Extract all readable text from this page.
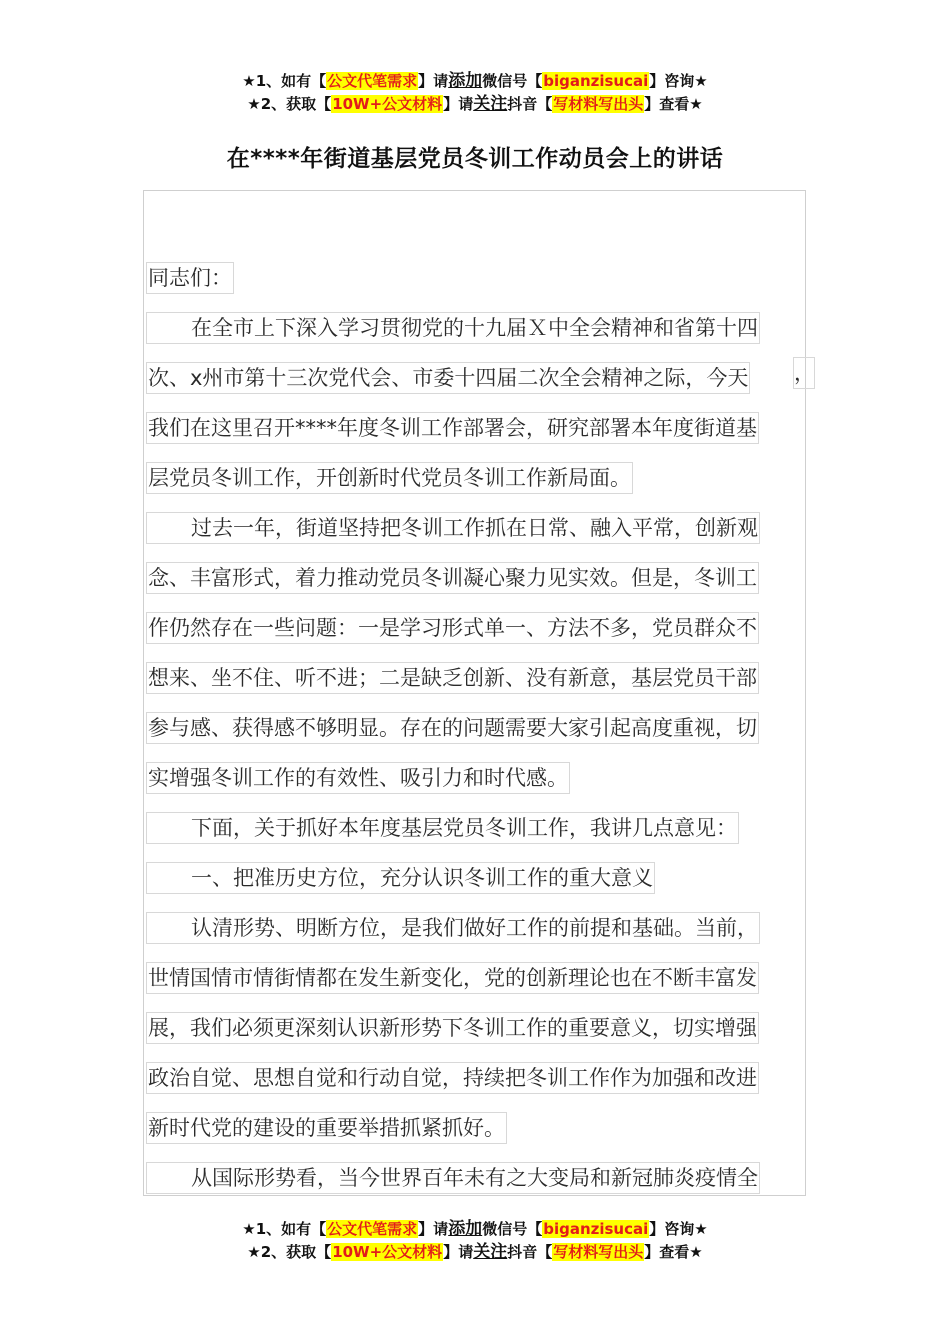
★1、如有【公文代笔需求】请添加微信号【biganzisucai】咨询★
★2、获取【10W+公文材料】请关注抖音【写材料写出头】查看★
在****年街道基层党员冬训工作动员会上的讲话
同志们：
在全市上下深入学习贯彻党的十九届Ｘ中全会精神和省第十四
次、x州市第十三次党代会、市委十四届二次全会精神之际，今天
我们在这里召开****年度冬训工作部署会，研究部署本年度街道基
层党员冬训工作，开创新时代党员冬训工作新局面。
过去一年，街道坚持把冬训工作抓在日常、融入平常，创新观
念、丰富形式，着力推动党员冬训凝心聚力见实效。但是，冬训工
作仍然存在一些问题：一是学习形式单一、方法不多，党员群众不
想来、坐不住、听不进；二是缺乏创新、没有新意，基层党员干部
参与感、获得感不够明显。存在的问题需要大家引起高度重视，切
实增强冬训工作的有效性、吸引力和时代感。
下面，关于抓好本年度基层党员冬训工作，我讲几点意见：
一、把准历史方位，充分认识冬训工作的重大意义
认清形势、明断方位，是我们做好工作的前提和基础。当前，
世情国情市情街情都在发生新变化，党的创新理论也在不断丰富发
展，我们必须更深刻认识新形势下冬训工作的重要意义，切实增强
政治自觉、思想自觉和行动自觉，持续把冬训工作作为加强和改进
新时代党的建设的重要举措抓紧抓好。
从国际形势看，当今世界百年未有之大变局和新冠肺炎疫情全
，
★1、如有【公文代笔需求】请添加微信号【biganzisucai】咨询★
★2、获取【10W+公文材料】请关注抖音【写材料写出头】查看★
